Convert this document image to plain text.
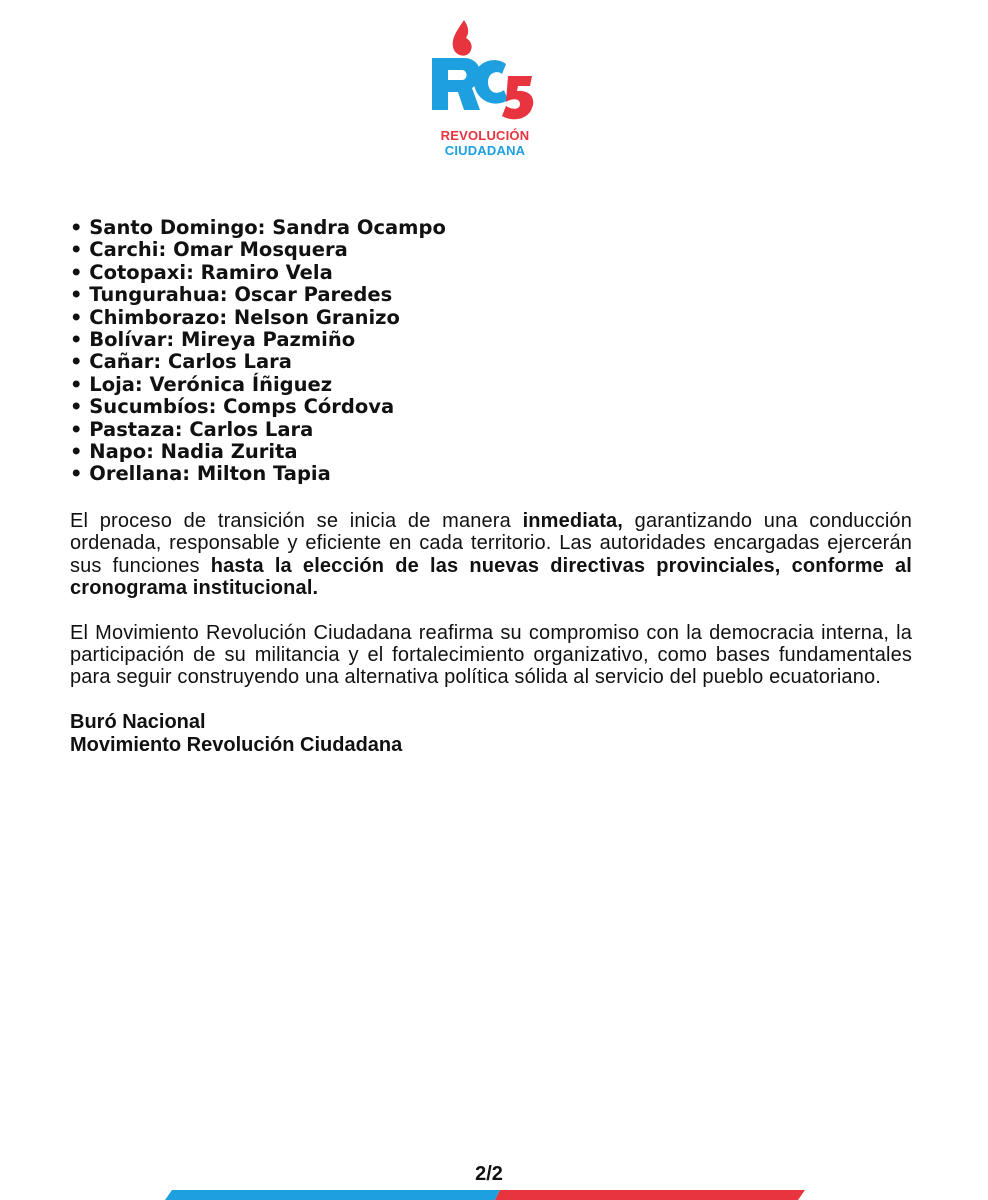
REVOLUCIÓN
CIUDADANA
• Santo Domingo: Sandra Ocampo
• Carchi: Omar Mosquera
• Cotopaxi: Ramiro Vela
• Tungurahua: Oscar Paredes
• Chimborazo: Nelson Granizo
• Bolívar: Mireya Pazmiño
• Cañar: Carlos Lara
• Loja: Verónica Íñiguez
• Sucumbíos: Comps Córdova
• Pastaza: Carlos Lara
• Napo: Nadia Zurita
• Orellana: Milton Tapia

El proceso de transición se inicia de manera inmediata, garantizando una conducción ordenada, responsable y eficiente en cada territorio. Las autoridades encargadas ejercerán sus funciones hasta la elección de las nuevas directivas provinciales, conforme al cronograma institucional.

El Movimiento Revolución Ciudadana reafirma su compromiso con la democracia interna, la participación de su militancia y el fortalecimiento organizativo, como bases fundamentales para seguir construyendo una alternativa política sólida al servicio del pueblo ecuatoriano.

Buró Nacional
Movimiento Revolución Ciudadana
2/2
